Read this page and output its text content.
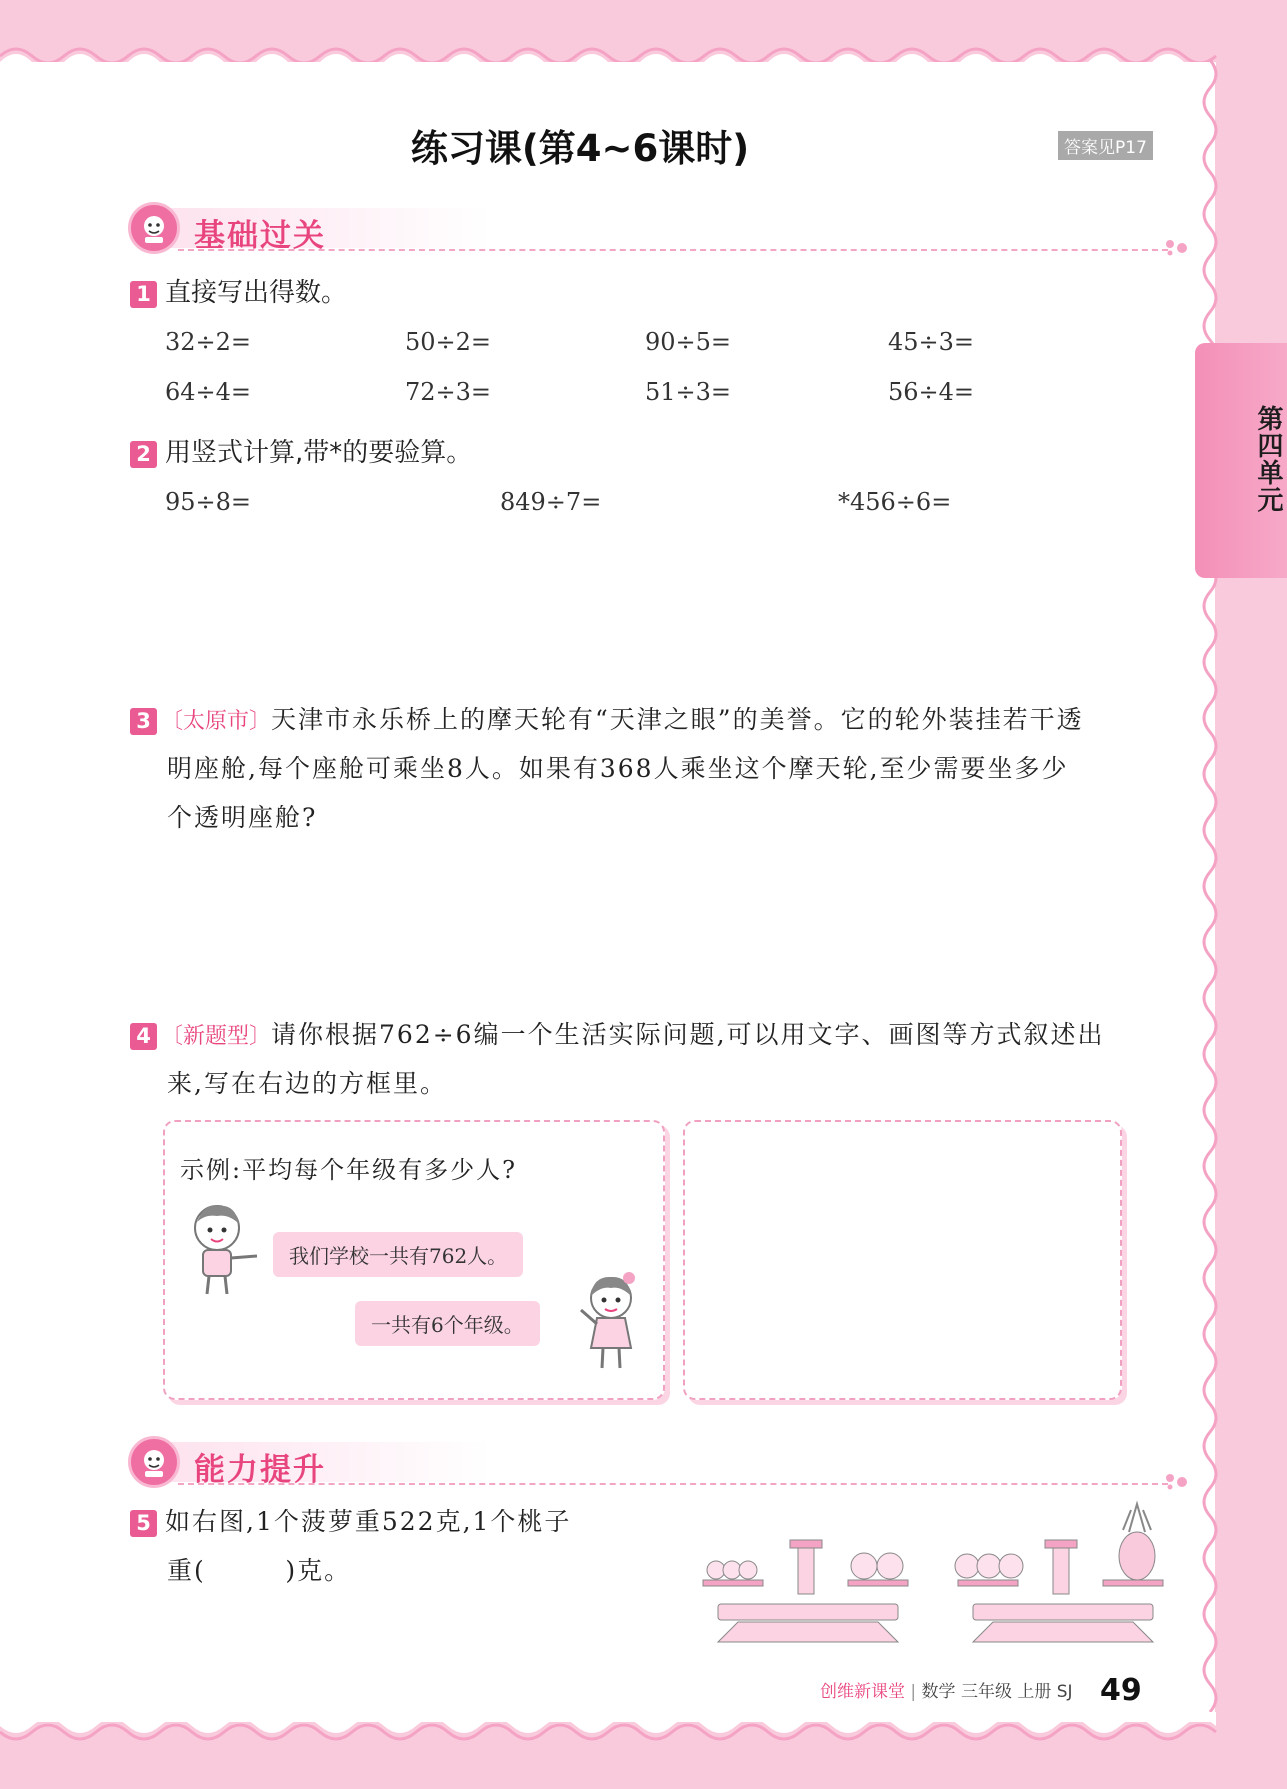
第四单元
练习课(第4~6课时)	答案见P17
基础过关
1 直接写出得数。
32÷2=	50÷2=	90÷5=	45÷3=
64÷4=	72÷3=	51÷3=	56÷4=
2 用竖式计算,带*的要验算。
95÷8=	849÷7=	*456÷6=
3 〔太原市〕天津市永乐桥上的摩天轮有“天津之眼”的美誉。它的轮外装挂若干透
明座舱,每个座舱可乘坐8人。如果有368人乘坐这个摩天轮,至少需要坐多少
个透明座舱?
4 〔新题型〕请你根据762÷6编一个生活实际问题,可以用文字、画图等方式叙述出
来,写在右边的方框里。
示例:平均每个年级有多少人?
我们学校一共有762人。
一共有6个年级。
能力提升
5 如右图,1个菠萝重522克,1个桃子
重(        )克。
创维新课堂 | 数学 三年级 上册 SJ 49
